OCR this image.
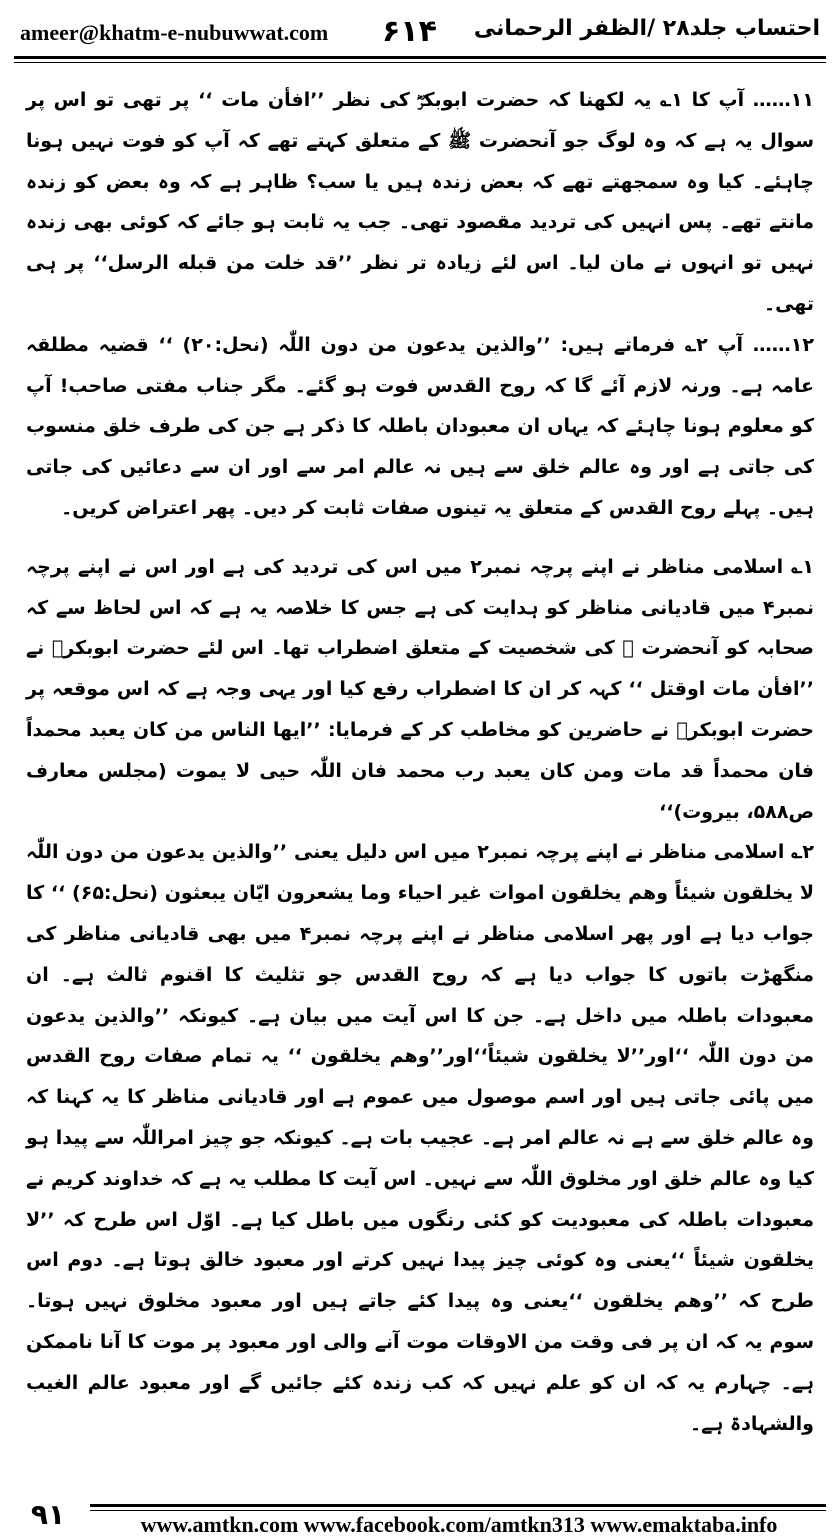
ameer@khatm-e-nubuwwat.com ۶۱۴ احتساب جلد۲۸ /الظفر الرحمانی

۱۱…… آپ کا ۱؎ یہ لکھنا کہ حضرت ابوبکرؓ کی نظر ’’افأن مات ‘‘ پر تھی تو اس پر سوال یہ ہے کہ وہ لوگ جو آنحضرت ﷺ کے متعلق کہتے تھے کہ آپ کو فوت نہیں ہونا چاہئے۔ کیا وہ سمجھتے تھے کہ بعض زندہ ہیں یا سب؟ ظاہر ہے کہ وہ بعض کو زندہ مانتے تھے۔ پس انہیں کی تردید مقصود تھی۔ جب یہ ثابت ہو جائے کہ کوئی بھی زندہ نہیں تو انہوں نے مان لیا۔ اس لئے زیادہ تر نظر ’’قد خلت من قبله الرسل‘‘ پر ہی تھی۔

۱۲…… آپ ۲؎ فرماتے ہیں: ’’والذین یدعون من دون اللّٰہ (نحل:۲۰) ‘‘ قضیہ مطلقہ عامہ ہے۔ ورنہ لازم آئے گا کہ روح القدس فوت ہو گئے۔ مگر جناب مفتی صاحب! آپ کو معلوم ہونا چاہئے کہ یہاں ان معبودان باطلہ کا ذکر ہے جن کی طرف خلق منسوب کی جاتی ہے اور وہ عالم خلق سے ہیں نہ عالم امر سے اور ان سے دعائیں کی جاتی ہیں۔ پہلے روح القدس کے متعلق یہ تینوں صفات ثابت کر دیں۔ پھر اعتراض کریں۔

۱؎ اسلامی مناظر نے اپنے پرچہ نمبر۲ میں اس کی تردید کی ہے اور اس نے اپنے پرچہ نمبر۴ میں قادیانی مناظر کو ہدایت کی ہے جس کا خلاصہ یہ ہے کہ اس لحاظ سے کہ صحابہ کو آنحضرت ﷺ کی شخصیت کے متعلق اضطراب تھا۔ اس لئے حضرت ابوبکرؓ نے ’’افأن مات اوقتل ‘‘ کہہ کر ان کا اضطراب رفع کیا اور یہی وجہ ہے کہ اس موقعہ پر حضرت ابوبکرؓ نے حاضرین کو مخاطب کر کے فرمایا: ’’ایها الناس من کان یعبد محمداً فان محمداً قد مات ومن کان یعبد رب محمد فان اللّٰہ حیی لا یموت (مجلس معارف ص۵۸۸، بیروت)‘‘

۲؎ اسلامی مناظر نے اپنے پرچہ نمبر۲ میں اس دلیل یعنی ’’والذین یدعون من دون اللّٰہ لا یخلقون شیئاً وهم یخلقون اموات غیر احیاء وما یشعرون ایّان یبعثون (نحل:۶۵) ‘‘ کا جواب دیا ہے اور پھر اسلامی مناظر نے اپنے پرچہ نمبر۴ میں بھی قادیانی مناظر کی منگھڑت باتوں کا جواب دیا ہے کہ روح القدس جو تثلیث کا اقنوم ثالث ہے۔ ان معبودات باطلہ میں داخل ہے۔ جن کا اس آیت میں بیان ہے۔ کیونکہ ’’والذین یدعون من دون اللّٰہ ‘‘اور’’لا یخلقون شیئاً‘‘اور’’وهم یخلقون ‘‘ یہ تمام صفات روح القدس میں پائی جاتی ہیں اور اسم موصول میں عموم ہے اور قادیانی مناظر کا یہ کہنا کہ وہ عالم خلق سے ہے نہ عالم امر ہے۔ عجیب بات ہے۔ کیونکہ جو چیز امراللّٰہ سے پیدا ہو کیا وہ عالم خلق اور مخلوق اللّٰہ سے نہیں۔ اس آیت کا مطلب یہ ہے کہ خداوند کریم نے معبودات باطلہ کی معبودیت کو کئی رنگوں میں باطل کیا ہے۔ اوّل اس طرح کہ ’’لا یخلقون شیئاً ‘‘یعنی وہ کوئی چیز پیدا نہیں کرتے اور معبود خالق ہوتا ہے۔ دوم اس طرح کہ ’’وهم یخلقون ‘‘یعنی وہ پیدا کئے جاتے ہیں اور معبود مخلوق نہیں ہوتا۔ سوم یہ کہ ان پر فی وقت من الاوقات موت آنے والی اور معبود پر موت کا آنا ناممکن ہے۔ چہارم یہ کہ ان کو علم نہیں کہ کب زندہ کئے جائیں گے اور معبود عالم الغیب والشہادۃ ہے۔

۹۱	www.amtkn.com www.facebook.com/amtkn313 www.emaktaba.info
